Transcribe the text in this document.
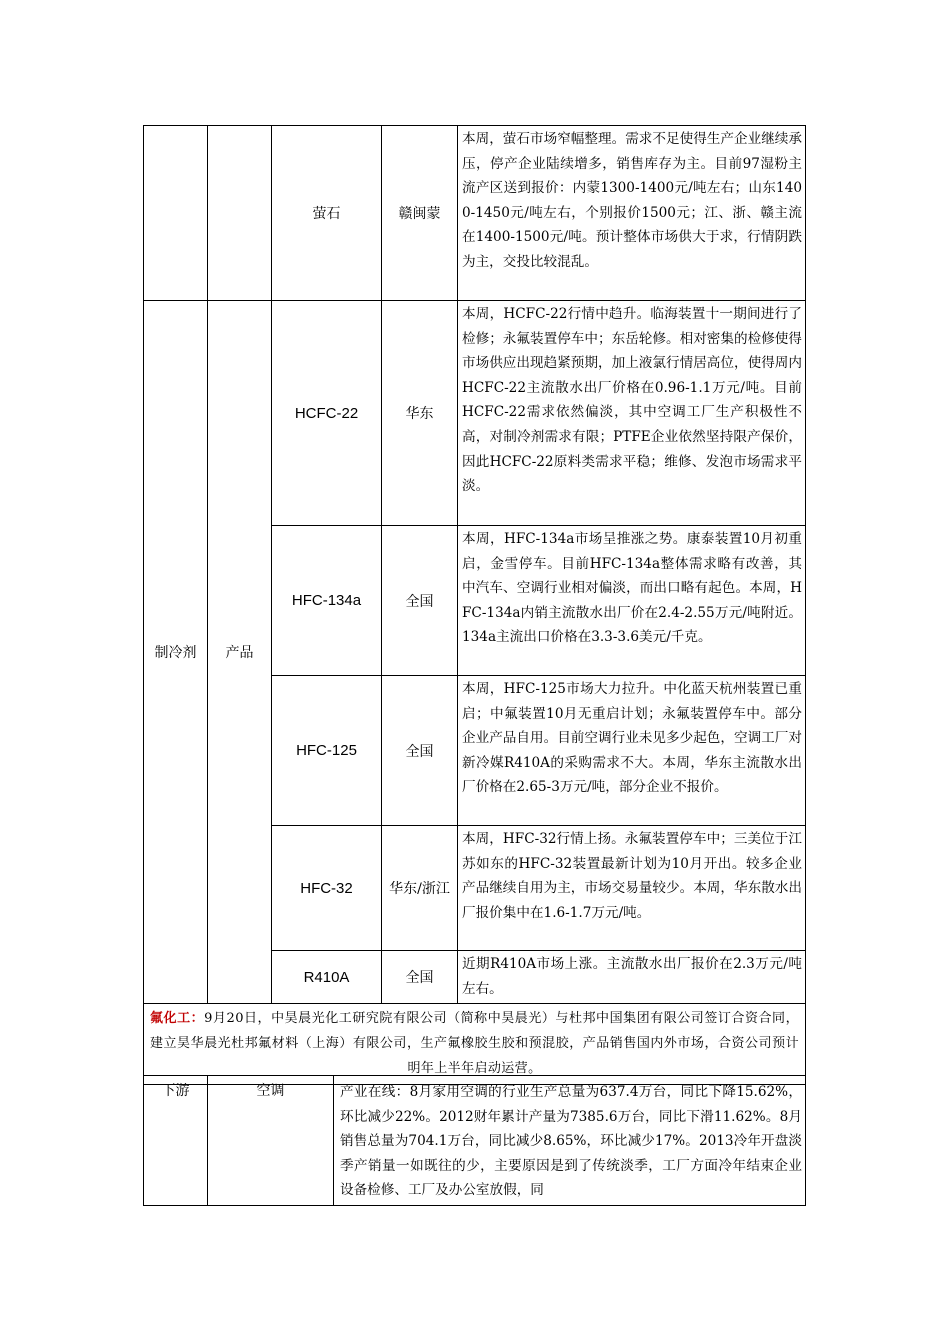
		萤石	赣闽蒙	本周，萤石市场窄幅整理。需求不足使得生产企业继续承压，停产企业陆续增多，销售库存为主。目前97湿粉主流产区送到报价：内蒙1300-1400元/吨左右；山东1400-1450元/吨左右，个别报价1500元；江、浙、赣主流在1400-1500元/吨。预计整体市场供大于求，行情阴跌为主，交投比较混乱。
制冷剂	产品	HCFC-22	华东	本周，HCFC-22行情中趋升。临海装置十一期间进行了检修；永氟装置停车中；东岳轮修。相对密集的检修使得市场供应出现趋紧预期，加上液氯行情居高位，使得周内HCFC-22主流散水出厂价格在0.96-1.1万元/吨。目前HCFC-22需求依然偏淡，其中空调工厂生产积极性不高，对制冷剂需求有限；PTFE企业依然坚持限产保价，因此HCFC-22原料类需求平稳；维修、发泡市场需求平淡。
		HFC-134a	全国	本周，HFC-134a市场呈推涨之势。康泰装置10月初重启，金雪停车。目前HFC-134a整体需求略有改善，其中汽车、空调行业相对偏淡，而出口略有起色。本周，HFC-134a内销主流散水出厂价在2.4-2.55万元/吨附近。134a主流出口价格在3.3-3.6美元/千克。
		HFC-125	全国	本周，HFC-125市场大力拉升。中化蓝天杭州装置已重启；中氟装置10月无重启计划；永氟装置停车中。部分企业产品自用。目前空调行业未见多少起色，空调工厂对新冷媒R410A的采购需求不大。本周，华东主流散水出厂价格在2.65-3万元/吨，部分企业不报价。
		HFC-32	华东/浙江	本周，HFC-32行情上扬。永氟装置停车中；三美位于江苏如东的HFC-32装置最新计划为10月开出。较多企业产品继续自用为主，市场交易量较少。本周，华东散水出厂报价集中在1.6-1.7万元/吨。
		R410A	全国	近期R410A市场上涨。主流散水出厂报价在2.3万元/吨左右。
氟化工：9月20日，中昊晨光化工研究院有限公司（简称中昊晨光）与杜邦中国集团有限公司签订合资合同，建立昊华晨光杜邦氟材料（上海）有限公司，生产氟橡胶生胶和预混胶，产品销售国内外市场，合资公司预计明年上半年启动运营。				
下游	空调	产业在线：8月家用空调的行业生产总量为637.4万台，同比下降15.62%，环比减少22%。2012财年累计产量为7385.6万台，同比下滑11.62%。8月销售总量为704.1万台，同比减少8.65%，环比减少17%。2013冷年开盘淡季产销量一如既往的少，主要原因是到了传统淡季，工厂方面冷年结束企业设备检修、工厂及办公室放假，同
